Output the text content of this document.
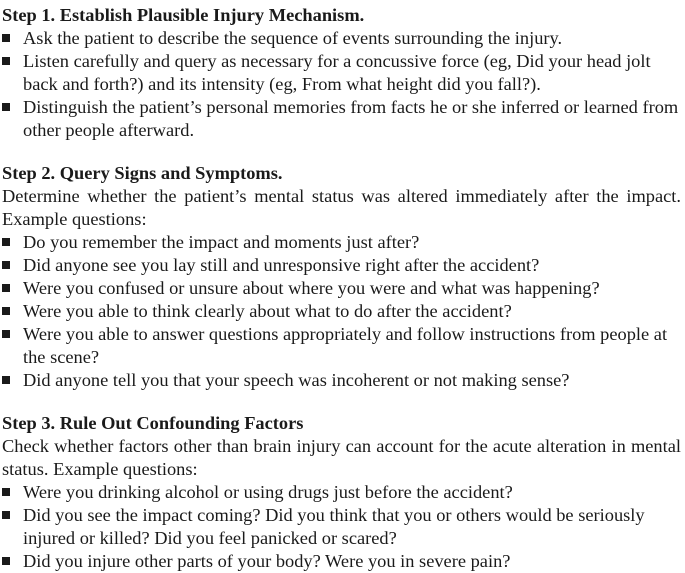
Step 1. Establish Plausible Injury Mechanism.

Ask the patient to describe the sequence of events surrounding the injury.
Listen carefully and query as necessary for a concussive force (eg, Did your head jolt back and forth?) and its intensity (eg, From what height did you fall?).
Distinguish the patient’s personal memories from facts he or she inferred or learned from other people afterward.

Step 2. Query Signs and Symptoms.

Determine whether the patient’s mental status was altered immediately after the impact. Example questions:

Do you remember the impact and moments just after?
Did anyone see you lay still and unresponsive right after the accident?
Were you confused or unsure about where you were and what was happening?
Were you able to think clearly about what to do after the accident?
Were you able to answer questions appropriately and follow instructions from people at the scene?
Did anyone tell you that your speech was incoherent or not making sense?

Step 3. Rule Out Confounding Factors

Check whether factors other than brain injury can account for the acute alteration in mental status. Example questions:

Were you drinking alcohol or using drugs just before the accident?
Did you see the impact coming? Did you think that you or others would be seriously injured or killed? Did you feel panicked or scared?
Did you injure other parts of your body? Were you in severe pain?
